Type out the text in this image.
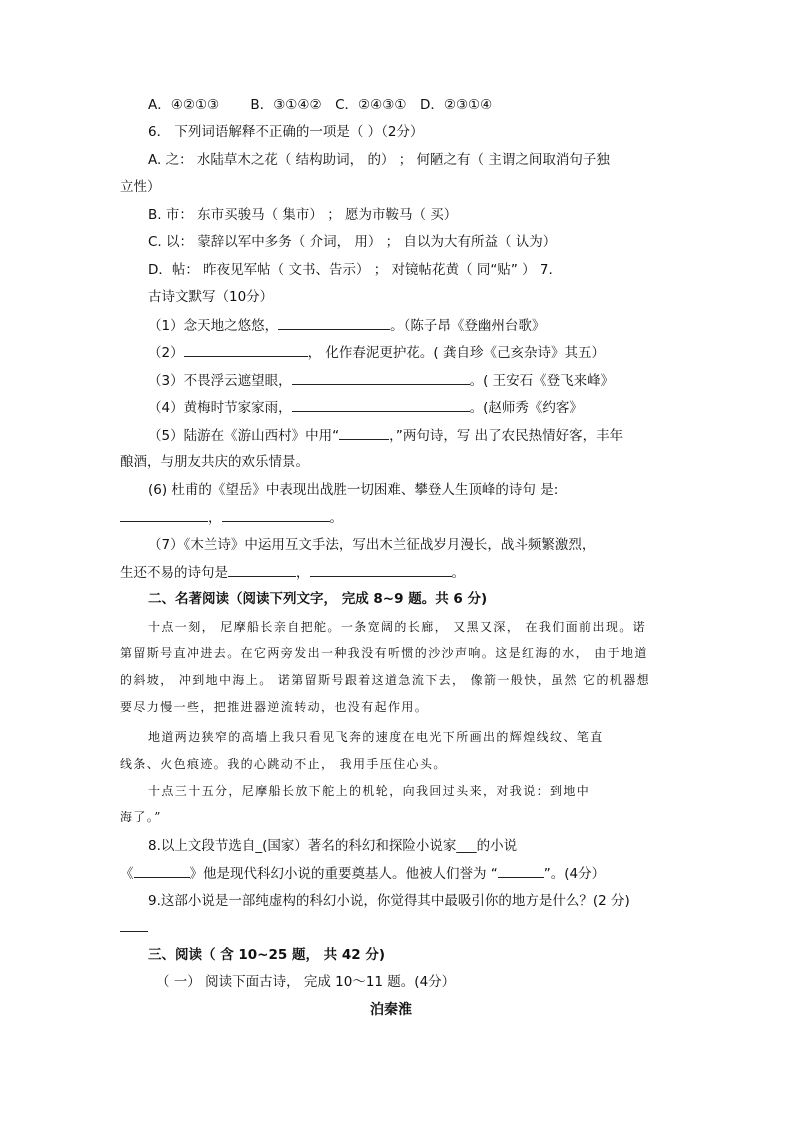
A．④②①③　　 B．③①④②　C．②④③①　D．②③①④
6． 下列词语解释不正确的一项是（ ）（2分）
A. 之： 水陆草木之花（ 结构助词， 的） ； 何陋之有（ 主谓之间取消句子独
立性）
B. 市： 东市买骏马（ 集市） ； 愿为市鞍马（ 买）
C. 以： 蒙辞以军中多务（ 介词， 用） ； 自以为大有所益（ 认为）
D．帖： 昨夜见军帖（ 文书、告示） ； 对镜帖花黄（ 同“贴” ） 7.
古诗文默写（10分）
（1）念天地之悠悠，	。（陈子昂《登幽州台歌》
（2）	， 化作春泥更护花。( 龚自珍《己亥杂诗》其五）
（3）不畏浮云遮望眼，	。( 王安石《登飞来峰》
（4）黄梅时节家家雨，	。(赵师秀《约客》
（5）陆游在《游山西村》中用“	，”两句诗，写 出了农民热情好客，丰年
酿酒，与朋友共庆的欢乐情景。
(6) 杜甫的《望岳》中表现出战胜一切困难、攀登人生顶峰的诗句 是:
，	。
（7）《木兰诗》中运用互文手法，写出木兰征战岁月漫长，战斗频繁激烈，
生还不易的诗句是	，	。
二、名著阅读（阅读下列文字， 完成 8~9 题。共 6 分)
十点一刻， 尼摩船长亲自把舵。一条宽阔的长廊， 又黑又深， 在我们面前出现。诺
第留斯号直冲进去。在它两旁发出一种我没有听惯的沙沙声响。这是红海的水， 由于地道
的斜坡， 冲到地中海上。 诺第留斯号跟着这道急流下去， 像箭一般快，虽然 它的机器想
要尽力慢一些，把推进器逆流转动，也没有起作用。
地道两边狭窄的高墙上我只看见飞奔的速度在电光下所画出的辉煌线纹、笔直
线条、火色痕迹。我的心跳动不止， 我用手压住心头。
十点三十五分，尼摩船长放下舵上的机轮，向我回过头来，对我说：到地中
海了。”
8.以上文段节选自_(国家）著名的科幻和探险小说家___的小说
《	》他是现代科幻小说的重要奠基人。他被人们誉为 “	”。(4分）
9.这部小说是一部纯虚构的科幻小说，你觉得其中最吸引你的地方是什么？(2 分)
三、阅读（ 含 10~25 题， 共 42 分)
（ 一） 阅读下面古诗， 完成 10～11 题。(4分）
泊秦淮
